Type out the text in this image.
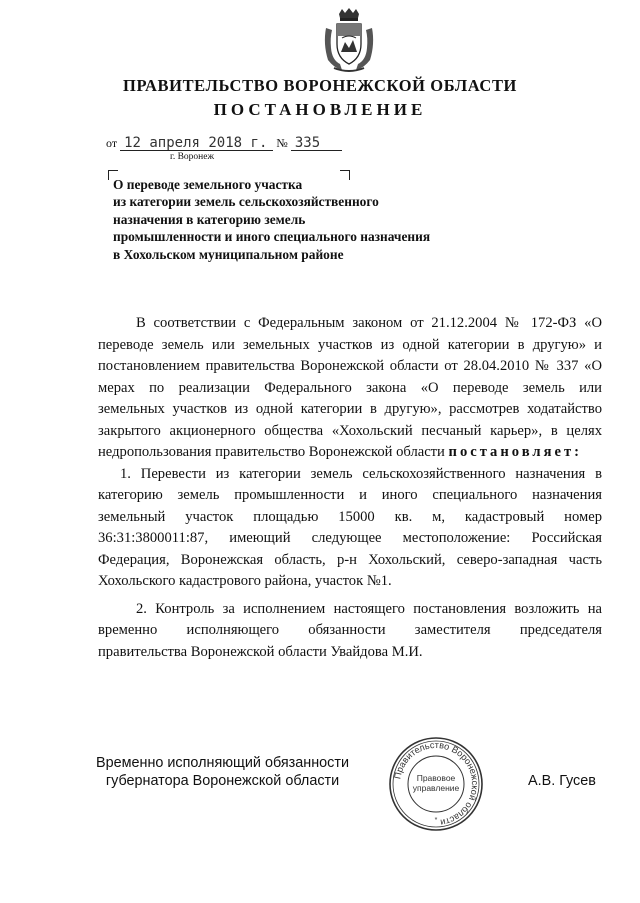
ПРАВИТЕЛЬСТВО ВОРОНЕЖСКОЙ ОБЛАСТИ
ПОСТАНОВЛЕНИЕ
от 12 апреля 2018 г. № 335
г. Воронеж
О переводе земельного участка
из категории земель сельскохозяйственного
назначения в категорию земель
промышленности и иного специального назначения
в Хохольском муниципальном районе
В соответствии с Федеральным законом от 21.12.2004 № 172-ФЗ «О
переводе земель или земельных участков из одной категории в другую» и
постановлением правительства Воронежской области от 28.04.2010 № 337 «О
мерах по реализации Федерального закона «О переводе земель или
земельных участков из одной категории в другую», рассмотрев ходатайство
закрытого акционерного общества «Хохольский песчаный карьер», в целях
недропользования правительство Воронежской области постановляет:
1. Перевести из категории земель сельскохозяйственного назначения в
категорию земель промышленности и иного специального назначения
земельный участок площадью 15000 кв. м, кадастровый номер
36:31:3800011:87, имеющий следующее местоположение: Российская
Федерация, Воронежская область, р-н Хохольский, северо-западная часть
Хохольского кадастрового района, участок №1.
2. Контроль за исполнением настоящего постановления возложить на
временно исполняющего обязанности заместителя председателя
правительства Воронежской области Увайдова М.И.
Временно исполняющий обязанности
губернатора Воронежской области	Правительство Воронежской области
Правовое
управление
*
А.В. Гусев
